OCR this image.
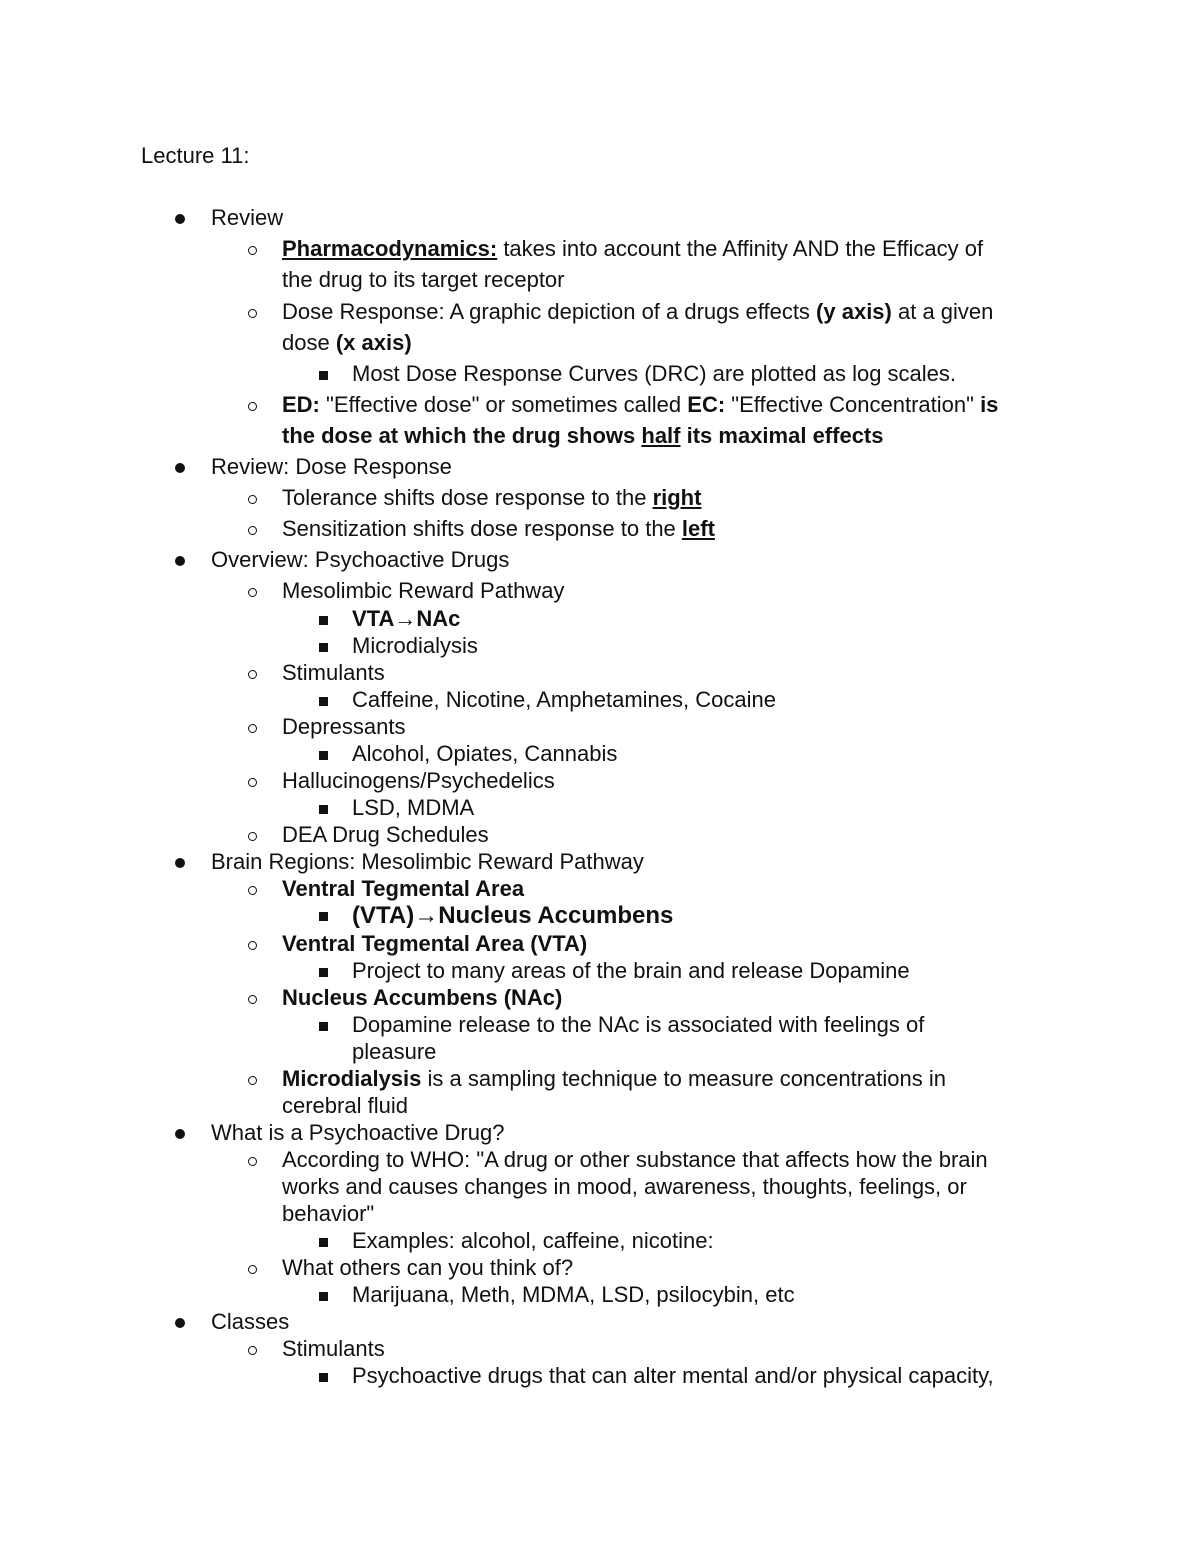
Lecture 11:
Review
Pharmacodynamics: takes into account the Affinity AND the Efficacy of
the drug to its target receptor
Dose Response: A graphic depiction of a drugs effects (y axis) at a given
dose (x axis)
Most Dose Response Curves (DRC) are plotted as log scales.
ED: "Effective dose" or sometimes called EC: "Effective Concentration" is
the dose at which the drug shows half its maximal effects
Review: Dose Response
Tolerance shifts dose response to the right
Sensitization shifts dose response to the left
Overview: Psychoactive Drugs
Mesolimbic Reward Pathway
VTA→NAc
Microdialysis
Stimulants
Caffeine, Nicotine, Amphetamines, Cocaine
Depressants
Alcohol, Opiates, Cannabis
Hallucinogens/Psychedelics
LSD, MDMA
DEA Drug Schedules
Brain Regions: Mesolimbic Reward Pathway
Ventral Tegmental Area
(VTA)→Nucleus Accumbens
Ventral Tegmental Area (VTA)
Project to many areas of the brain and release Dopamine
Nucleus Accumbens (NAc)
Dopamine release to the NAc is associated with feelings of
pleasure
Microdialysis is a sampling technique to measure concentrations in
cerebral fluid
What is a Psychoactive Drug?
According to WHO: "A drug or other substance that affects how the brain
works and causes changes in mood, awareness, thoughts, feelings, or
behavior"
Examples: alcohol, caffeine, nicotine:
What others can you think of?
Marijuana, Meth, MDMA, LSD, psilocybin, etc
Classes
Stimulants
Psychoactive drugs that can alter mental and/or physical capacity,
